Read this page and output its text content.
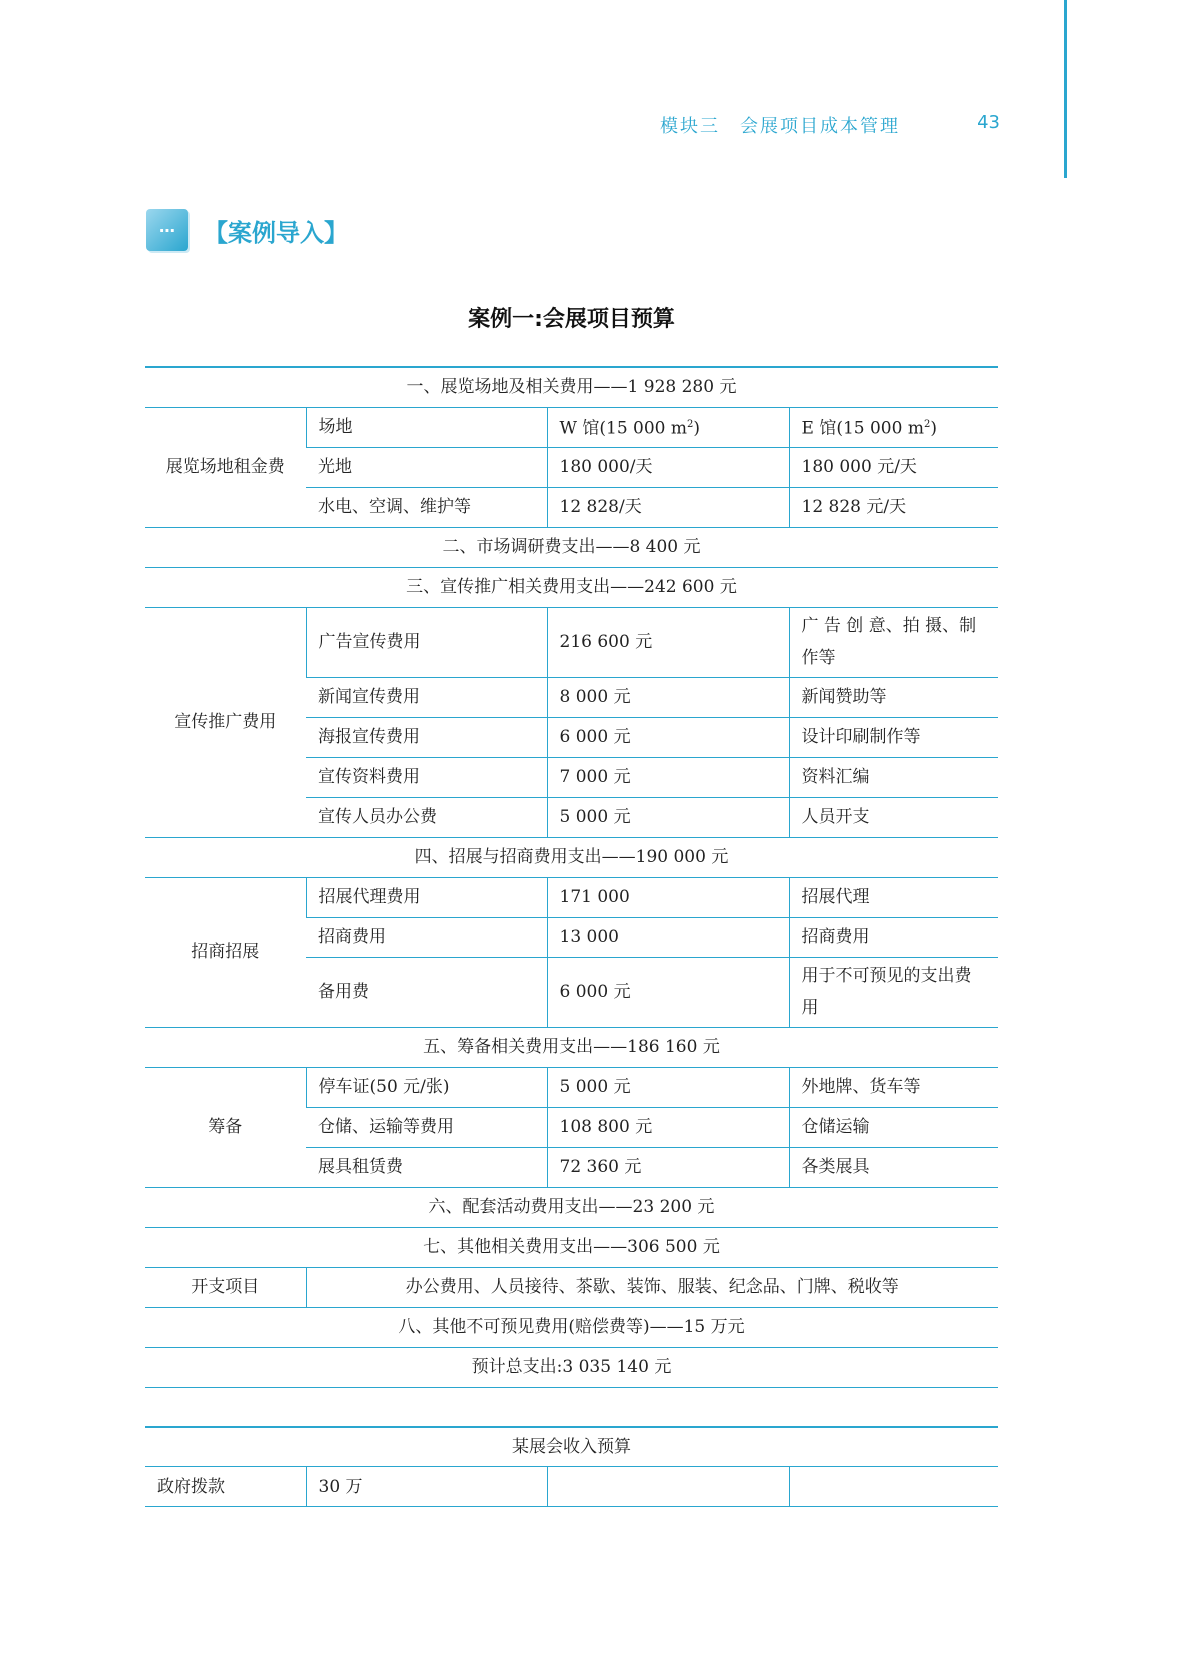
模块三　会展项目成本管理	43
⋯	【案例导入】
案例一:会展项目预算
一、展览场地及相关费用——1 928 280 元			
展览场地租金费	场地	W 馆(15 000 $m^2$)	E 馆(15 000 $m^2$)
	光地	180 000/天	180 000 元/天
	水电、空调、维护等	12 828/天	12 828 元/天
二、市场调研费支出——8 400 元			
三、宣传推广相关费用支出——242 600 元			
宣传推广费用	广告宣传费用	216 600 元	广 告 创 意、拍 摄、制作等
	新闻宣传费用	8 000 元	新闻赞助等
	海报宣传费用	6 000 元	设计印刷制作等
	宣传资料费用	7 000 元	资料汇编
	宣传人员办公费	5 000 元	人员开支
四、招展与招商费用支出——190 000 元			
招商招展	招展代理费用	171 000	招展代理
	招商费用	13 000	招商费用
	备用费	6 000 元	用于不可预见的支出费用
五、筹备相关费用支出——186 160 元			
筹备	停车证(50 元/张)	5 000 元	外地牌、货车等
	仓储、运输等费用	108 800 元	仓储运输
	展具租赁费	72 360 元	各类展具
六、配套活动费用支出——23 200 元			
七、其他相关费用支出——306 500 元			
开支项目	办公费用、人员接待、茶歇、装饰、服装、纪念品、门牌、税收等		
八、其他不可预见费用(赔偿费等)——15 万元			
预计总支出:3 035 140 元			

某展会收入预算
政府拨款	30 万		
